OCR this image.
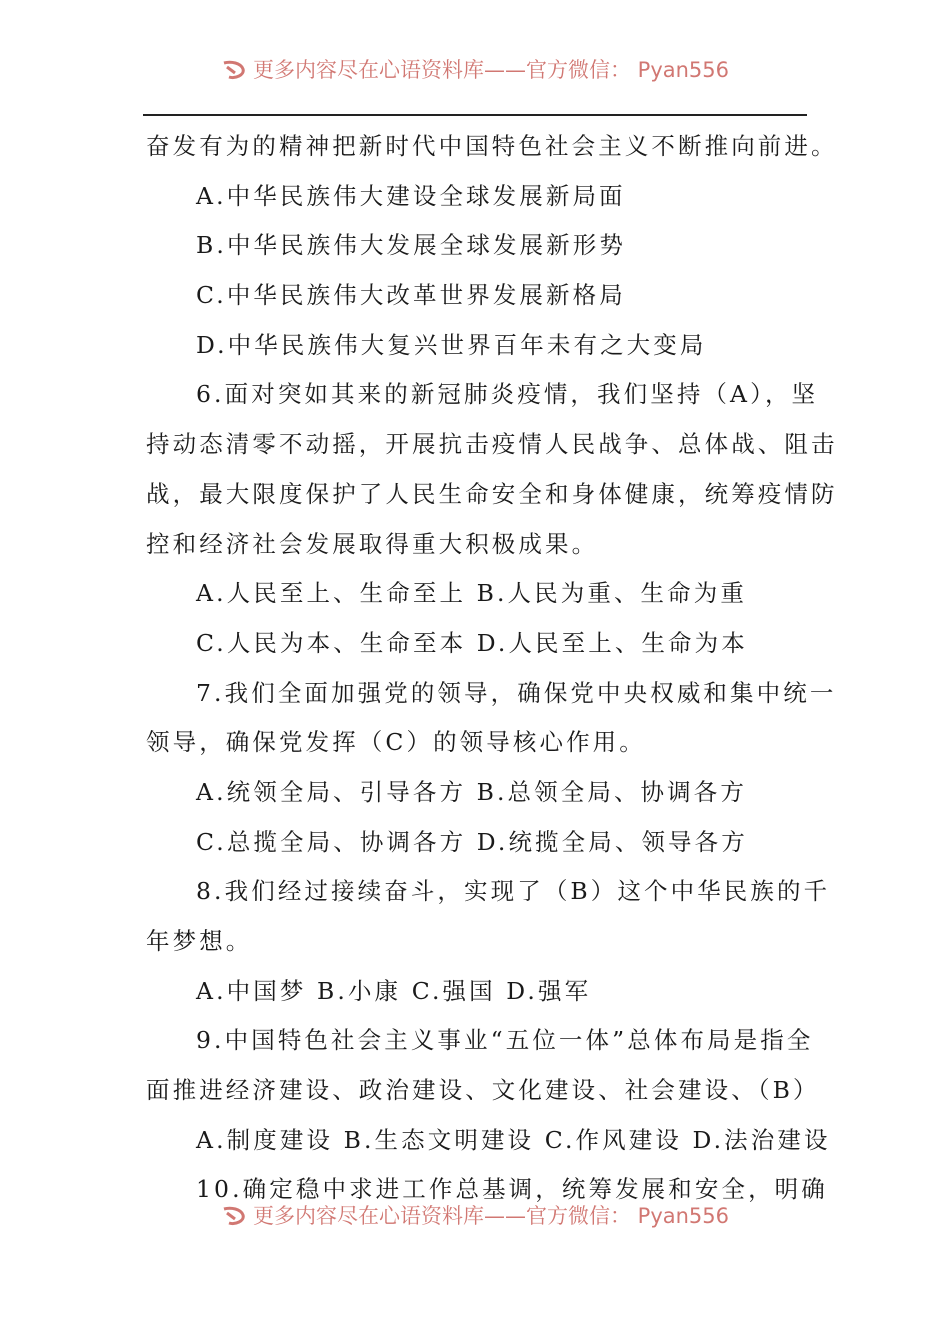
更多内容尽在心语资料库——官方微信： Pyan556
奋发有为的精神把新时代中国特色社会主义不断推向前进。
A.中华民族伟大建设全球发展新局面
B.中华民族伟大发展全球发展新形势
C.中华民族伟大改革世界发展新格局
D.中华民族伟大复兴世界百年未有之大变局
6.面对突如其来的新冠肺炎疫情，我们坚持（A），坚
持动态清零不动摇，开展抗击疫情人民战争、总体战、阻击
战，最大限度保护了人民生命安全和身体健康，统筹疫情防
控和经济社会发展取得重大积极成果。
A.人民至上、生命至上 B.人民为重、生命为重
C.人民为本、生命至本 D.人民至上、生命为本
7.我们全面加强党的领导，确保党中央权威和集中统一
领导，确保党发挥（C）的领导核心作用。
A.统领全局、引导各方 B.总领全局、协调各方
C.总揽全局、协调各方 D.统揽全局、领导各方
8.我们经过接续奋斗，实现了（B）这个中华民族的千
年梦想。
A.中国梦 B.小康 C.强国 D.强军
9.中国特色社会主义事业“五位一体”总体布局是指全
面推进经济建设、政治建设、文化建设、社会建设、（B）
A.制度建设 B.生态文明建设 C.作风建设 D.法治建设
10.确定稳中求进工作总基调，统筹发展和安全，明确
更多内容尽在心语资料库——官方微信： Pyan556
